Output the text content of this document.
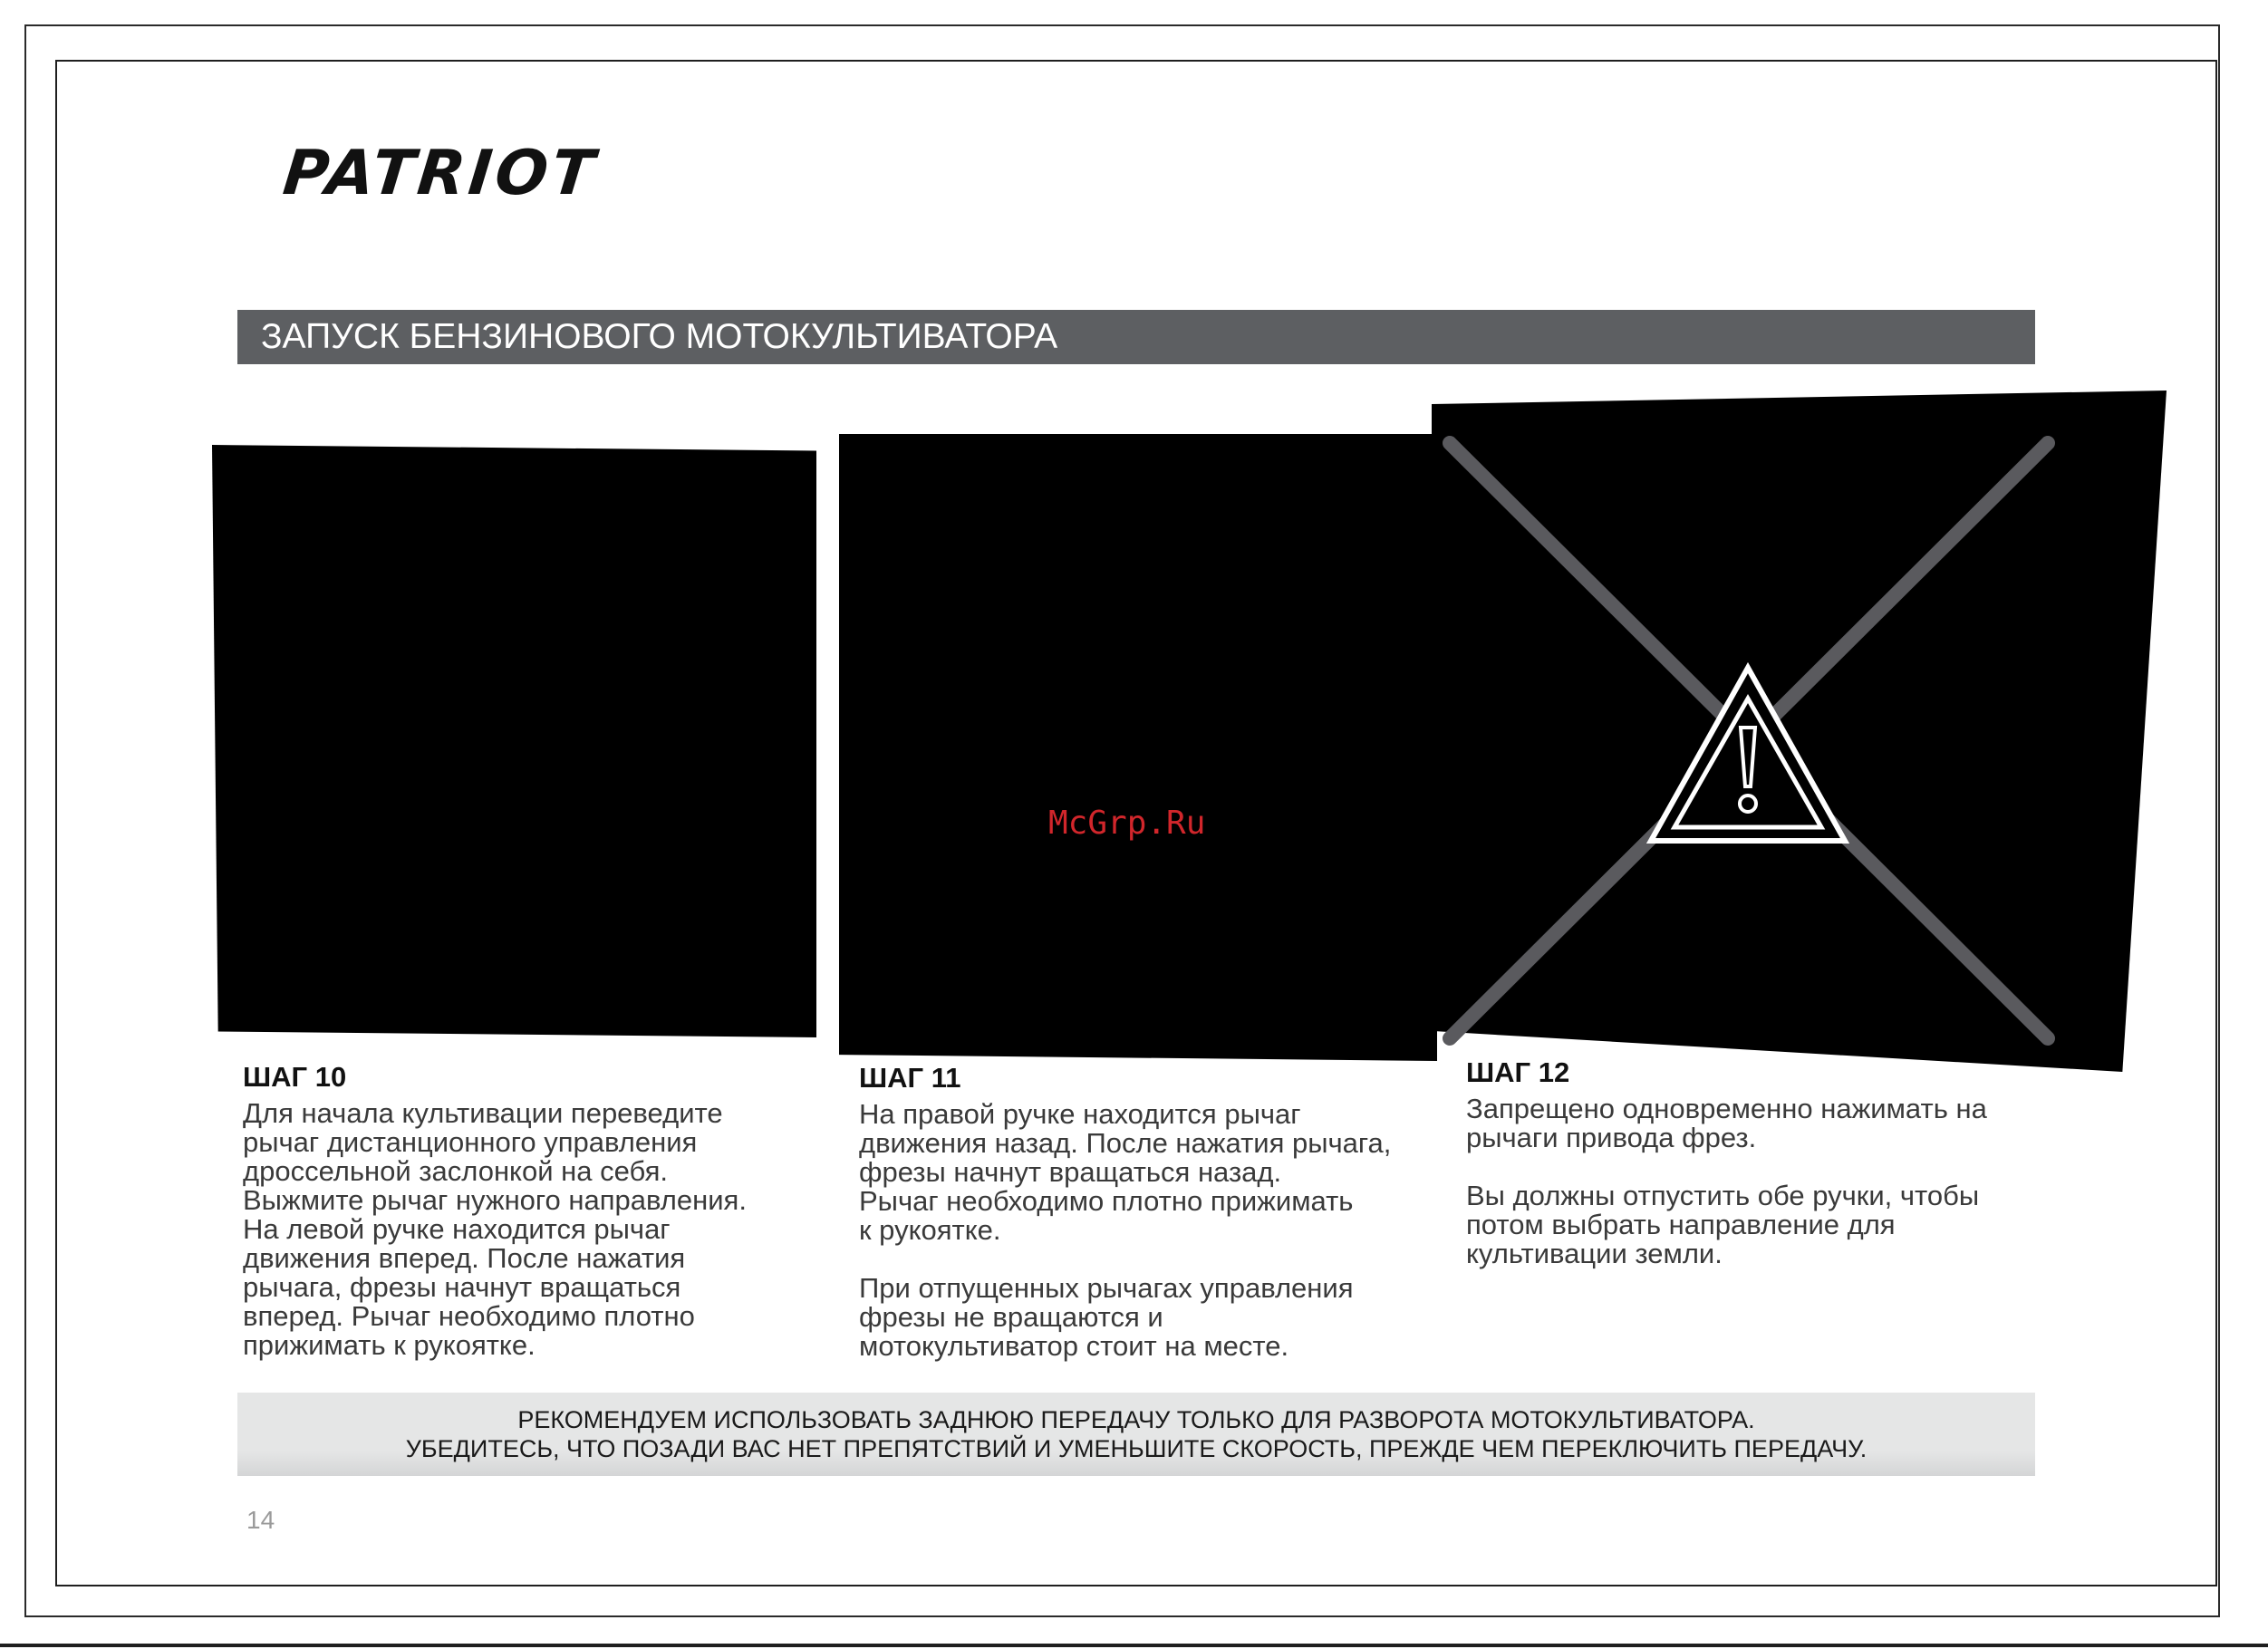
PATRIOT
ЗАПУСК БЕНЗИНОВОГО МОТОКУЛЬТИВАТОРА
McGrp.Ru
ШАГ 10

Для начала культивации переведите
рычаг дистанционного управления
дроссельной заслонкой на себя.
Выжмите рычаг нужного направления.
На левой ручке находится рычаг
движения вперед. После нажатия
рычага, фрезы начнут вращаться
вперед. Рычаг необходимо плотно
прижимать к рукоятке.

ШАГ 11

На правой ручке находится рычаг
движения назад. После нажатия рычага,
фрезы начнут вращаться назад.
Рычаг необходимо плотно прижимать
к рукоятке.

При отпущенных рычагах управления
фрезы не вращаются и
мотокультиватор стоит на месте.

ШАГ 12

Запрещено одновременно нажимать на
рычаги привода фрез.

Вы должны отпустить обе ручки, чтобы
потом выбрать направление для
культивации земли.

РЕКОМЕНДУЕМ ИСПОЛЬЗОВАТЬ ЗАДНЮЮ ПЕРЕДАЧУ ТОЛЬКО ДЛЯ РАЗВОРОТА МОТОКУЛЬТИВАТОРА.
УБЕДИТЕСЬ, ЧТО ПОЗАДИ ВАС НЕТ ПРЕПЯТСТВИЙ И УМЕНЬШИТЕ СКОРОСТЬ, ПРЕЖДЕ ЧЕМ ПЕРЕКЛЮЧИТЬ ПЕРЕДАЧУ.
14
